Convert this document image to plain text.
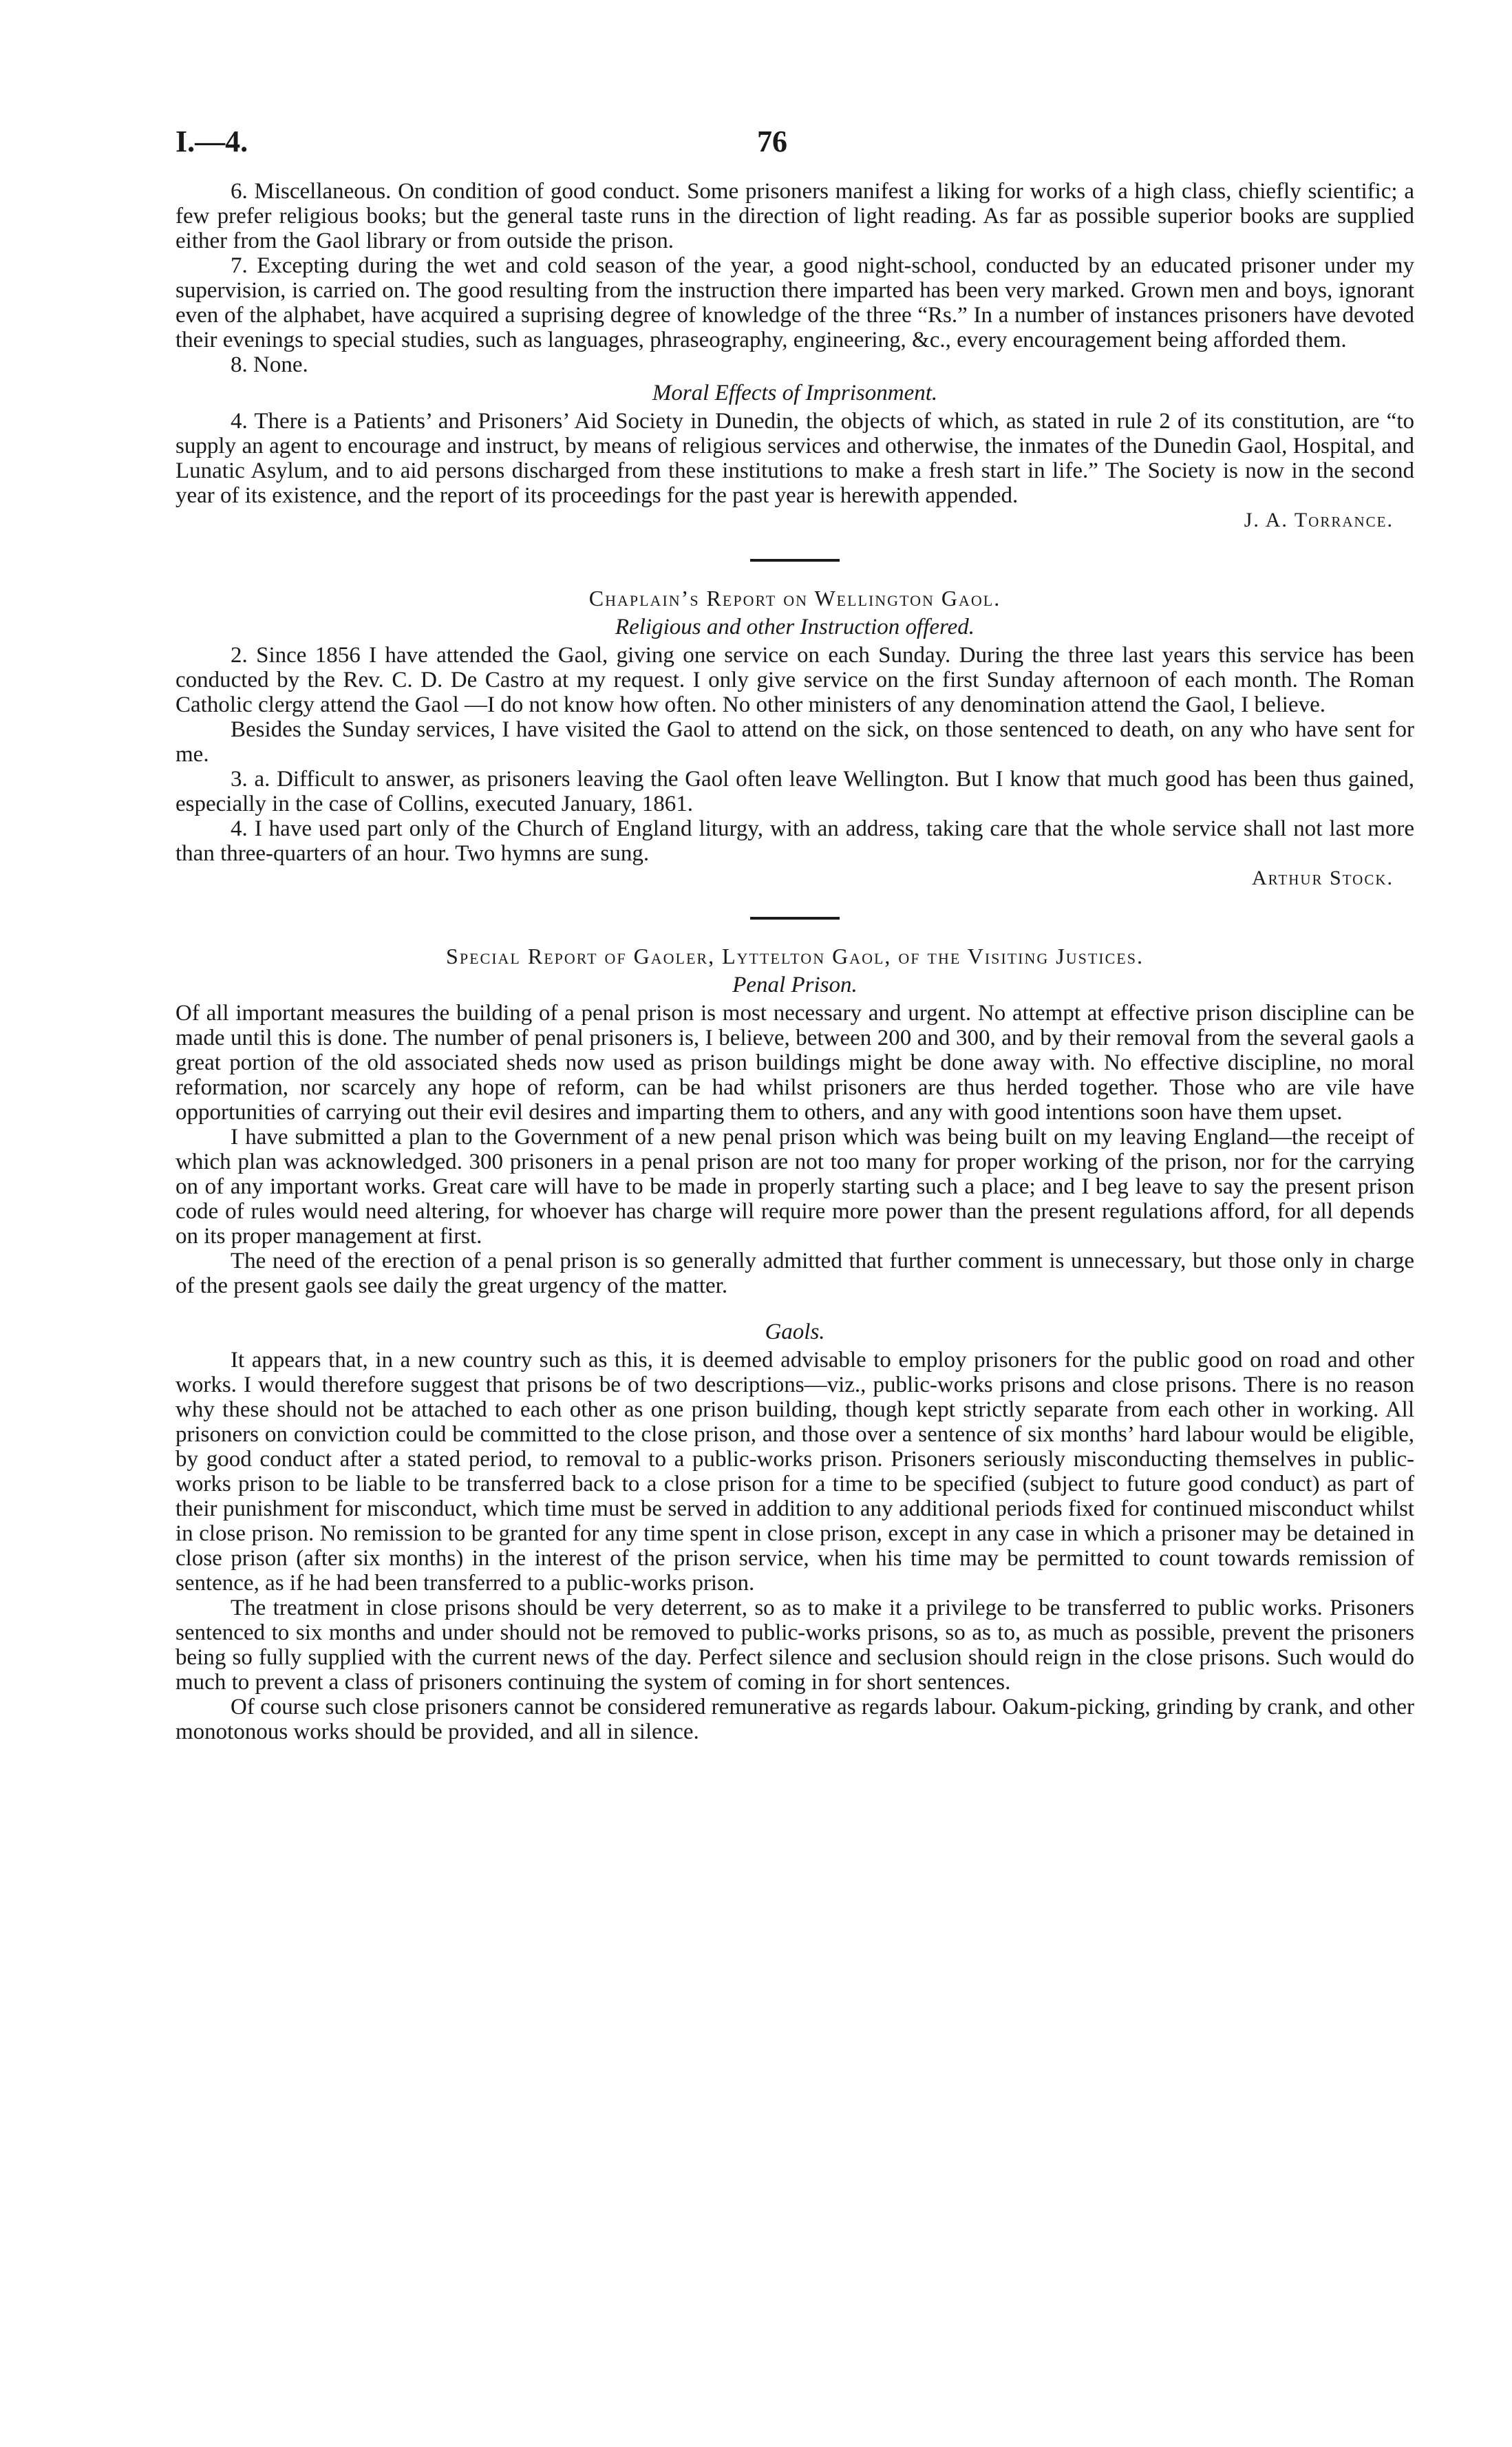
I.—4.	76

6. Miscellaneous. On condition of good conduct. Some prisoners manifest a liking for works of a high class, chiefly scientific; a few prefer religious books; but the general taste runs in the direction of light reading. As far as possible superior books are supplied either from the Gaol library or from outside the prison.

7. Excepting during the wet and cold season of the year, a good night-school, conducted by an educated prisoner under my supervision, is carried on. The good resulting from the instruction there imparted has been very marked. Grown men and boys, ignorant even of the alphabet, have acquired a suprising degree of knowledge of the three “Rs.” In a number of instances prisoners have devoted their evenings to special studies, such as languages, phraseography, engineering, &c., every encouragement being afforded them.

8. None.

Moral Effects of Imprisonment.

4. There is a Patients’ and Prisoners’ Aid Society in Dunedin, the objects of which, as stated in rule 2 of its constitution, are “to supply an agent to encourage and instruct, by means of religious services and otherwise, the inmates of the Dunedin Gaol, Hospital, and Lunatic Asylum, and to aid persons discharged from these institutions to make a fresh start in life.” The Society is now in the second year of its existence, and the report of its proceedings for the past year is herewith appended.

J. A. Torrance.
Chaplain’s Report on Wellington Gaol.
Religious and other Instruction offered.

2. Since 1856 I have attended the Gaol, giving one service on each Sunday. During the three last years this service has been conducted by the Rev. C. D. De Castro at my request. I only give service on the first Sunday afternoon of each month. The Roman Catholic clergy attend the Gaol —I do not know how often. No other ministers of any denomination attend the Gaol, I believe.

Besides the Sunday services, I have visited the Gaol to attend on the sick, on those sentenced to death, on any who have sent for me.

3. a. Difficult to answer, as prisoners leaving the Gaol often leave Wellington. But I know that much good has been thus gained, especially in the case of Collins, executed January, 1861.

4. I have used part only of the Church of England liturgy, with an address, taking care that the whole service shall not last more than three-quarters of an hour. Two hymns are sung.

Arthur Stock.
Special Report of Gaoler, Lyttelton Gaol, of the Visiting Justices.
Penal Prison.

Of all important measures the building of a penal prison is most necessary and urgent. No attempt at effective prison discipline can be made until this is done. The number of penal prisoners is, I believe, between 200 and 300, and by their removal from the several gaols a great portion of the old associated sheds now used as prison buildings might be done away with. No effective discipline, no moral reformation, nor scarcely any hope of reform, can be had whilst prisoners are thus herded together. Those who are vile have opportunities of carrying out their evil desires and imparting them to others, and any with good intentions soon have them upset.

I have submitted a plan to the Government of a new penal prison which was being built on my leaving England—the receipt of which plan was acknowledged. 300 prisoners in a penal prison are not too many for proper working of the prison, nor for the carrying on of any important works. Great care will have to be made in properly starting such a place; and I beg leave to say the present prison code of rules would need altering, for whoever has charge will require more power than the present regulations afford, for all depends on its proper management at first.

The need of the erection of a penal prison is so generally admitted that further comment is unnecessary, but those only in charge of the present gaols see daily the great urgency of the matter.

Gaols.

It appears that, in a new country such as this, it is deemed advisable to employ prisoners for the public good on road and other works. I would therefore suggest that prisons be of two descriptions—viz., public-works prisons and close prisons. There is no reason why these should not be attached to each other as one prison building, though kept strictly separate from each other in working. All prisoners on conviction could be committed to the close prison, and those over a sentence of six months’ hard labour would be eligible, by good conduct after a stated period, to removal to a public-works prison. Prisoners seriously misconducting themselves in public-works prison to be liable to be transferred back to a close prison for a time to be specified (subject to future good conduct) as part of their punishment for misconduct, which time must be served in addition to any additional periods fixed for continued misconduct whilst in close prison. No remission to be granted for any time spent in close prison, except in any case in which a prisoner may be detained in close prison (after six months) in the interest of the prison service, when his time may be permitted to count towards remission of sentence, as if he had been transferred to a public-works prison.

The treatment in close prisons should be very deterrent, so as to make it a privilege to be transferred to public works. Prisoners sentenced to six months and under should not be removed to public-works prisons, so as to, as much as possible, prevent the prisoners being so fully supplied with the current news of the day. Perfect silence and seclusion should reign in the close prisons. Such would do much to prevent a class of prisoners continuing the system of coming in for short sentences.

Of course such close prisoners cannot be considered remunerative as regards labour. Oakum-picking, grinding by crank, and other monotonous works should be provided, and all in silence.
